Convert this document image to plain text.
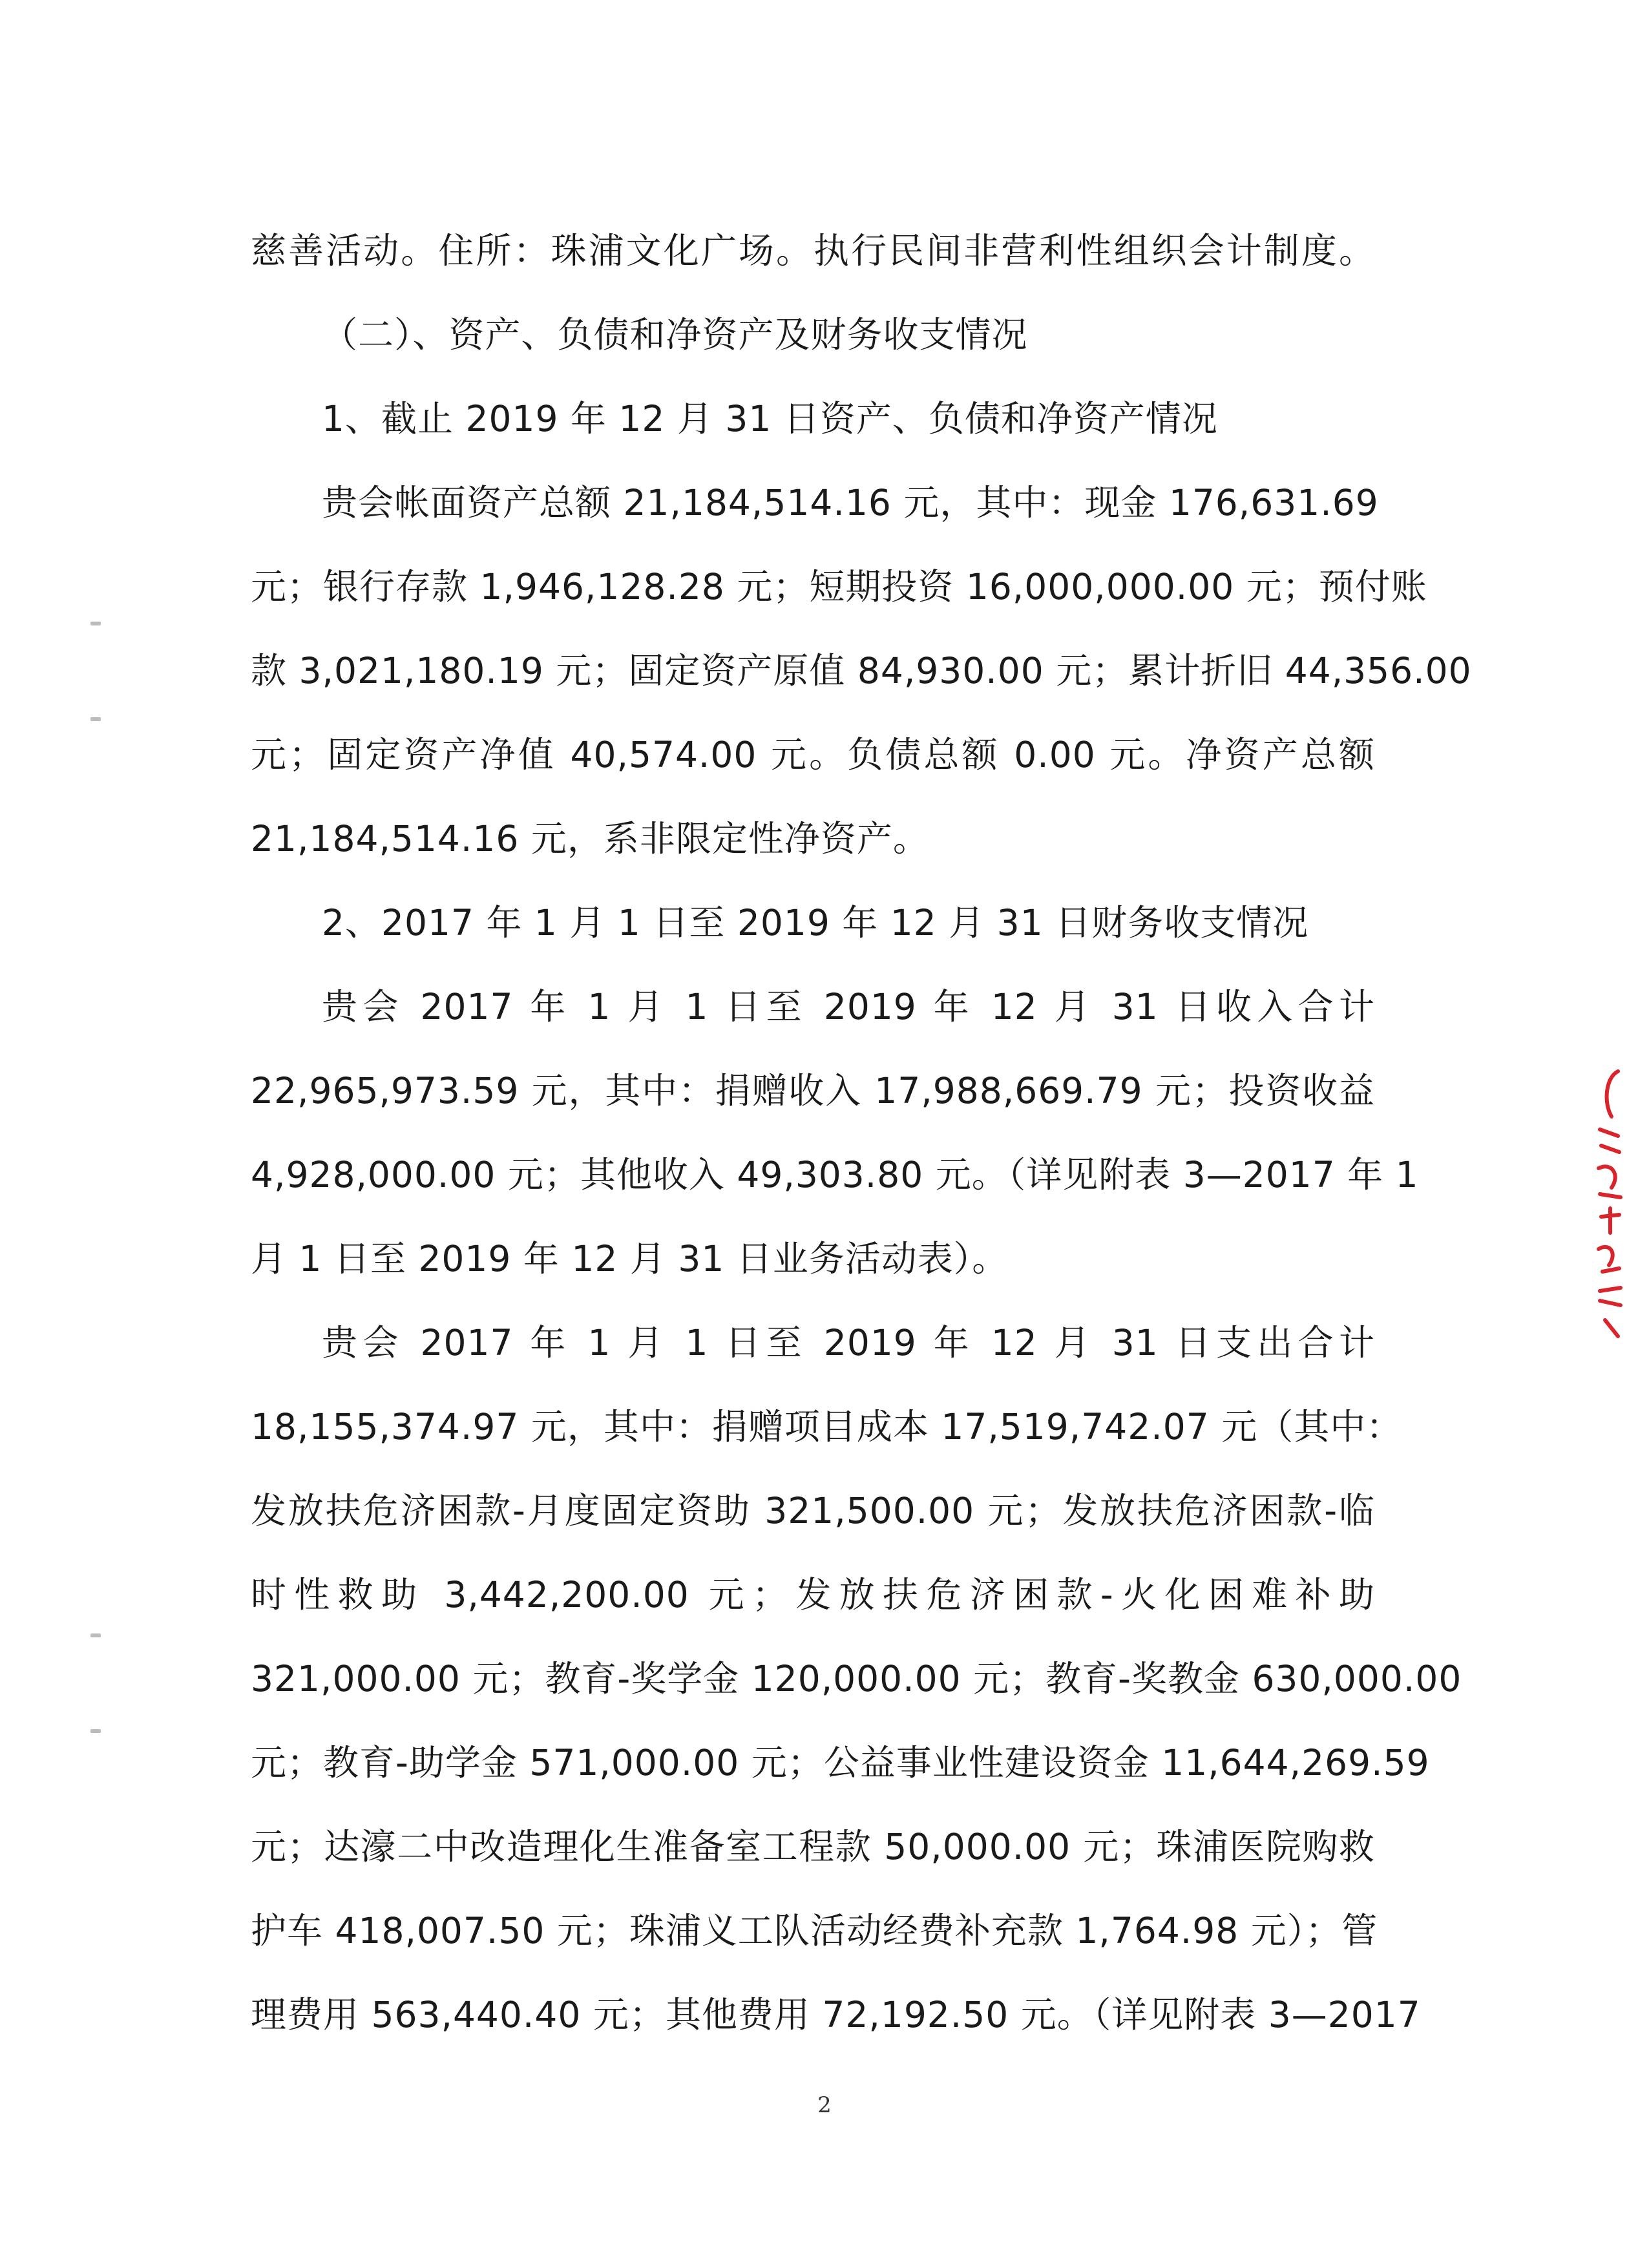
慈善活动。住所：珠浦文化广场。执行民间非营利性组织会计制度。
（二）、资产、负债和净资产及财务收支情况
1、截止 2019 年 12 月 31 日资产、负债和净资产情况
贵会帐面资产总额 21,184,514.16 元，其中：现金 176,631.69
元；银行存款 1,946,128.28 元；短期投资 16,000,000.00 元；预付账
款 3,021,180.19 元；固定资产原值 84,930.00 元；累计折旧 44,356.00
元；固定资产净值 40,574.00 元。负债总额 0.00 元。净资产总额
21,184,514.16 元，系非限定性净资产。
2、2017 年 1 月 1 日至 2019 年 12 月 31 日财务收支情况
贵会 2017 年 1 月 1 日至 2019 年 12 月 31 日收入合计
22,965,973.59 元，其中：捐赠收入 17,988,669.79 元；投资收益
4,928,000.00 元；其他收入 49,303.80 元。（详见附表 3—2017 年 1
月 1 日至 2019 年 12 月 31 日业务活动表）。
贵会 2017 年 1 月 1 日至 2019 年 12 月 31 日支出合计
18,155,374.97 元，其中：捐赠项目成本 17,519,742.07 元（其中：
发放扶危济困款-月度固定资助 321,500.00 元；发放扶危济困款-临
时性救助 3,442,200.00 元；发放扶危济困款-火化困难补助
321,000.00 元；教育-奖学金 120,000.00 元；教育-奖教金 630,000.00
元；教育-助学金 571,000.00 元；公益事业性建设资金 11,644,269.59
元；达濠二中改造理化生准备室工程款 50,000.00 元；珠浦医院购救
护车 418,007.50 元；珠浦义工队活动经费补充款 1,764.98 元）；管
理费用 563,440.40 元；其他费用 72,192.50 元。（详见附表 3—2017
2
